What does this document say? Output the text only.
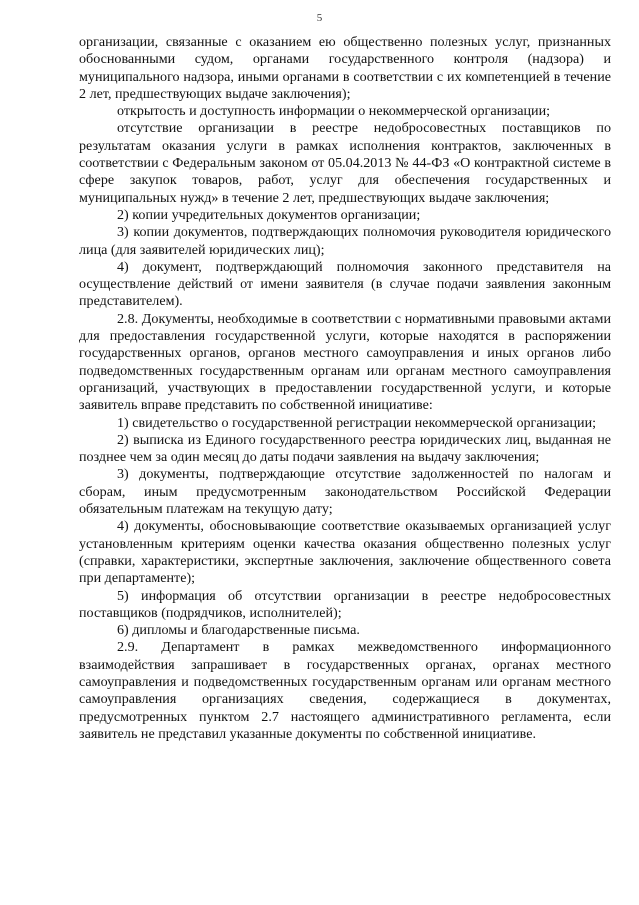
5

организации, связанные с оказанием ею общественно полезных услуг, признанных обоснованными судом, органами государственного контроля (надзора) и муниципального надзора, иными органами в соответствии с их компетенцией в течение 2 лет, предшествующих выдаче заключения);

открытость и доступность информации о некоммерческой организации;

отсутствие организации в реестре недобросовестных поставщиков по результатам оказания услуги в рамках исполнения контрактов, заключенных в соответствии с Федеральным законом от 05.04.2013 № 44-ФЗ «О контрактной системе в сфере закупок товаров, работ, услуг для обеспечения государственных и муниципальных нужд» в течение 2 лет, предшествующих выдаче заключения;

2) копии учредительных документов организации;

3) копии документов, подтверждающих полномочия руководителя юридического лица (для заявителей юридических лиц);

4) документ, подтверждающий полномочия законного представителя на осуществление действий от имени заявителя (в случае подачи заявления законным представителем).

2.8. Документы, необходимые в соответствии с нормативными правовыми актами для предоставления государственной услуги, которые находятся в распоряжении государственных органов, органов местного самоуправления и иных органов либо подведомственных государственным органам или органам местного самоуправления организаций, участвующих в предоставлении государственной услуги, и которые заявитель вправе представить по собственной инициативе:

1) свидетельство о государственной регистрации некоммерческой организации;

2) выписка из Единого государственного реестра юридических лиц, выданная не позднее чем за один месяц до даты подачи заявления на выдачу заключения;

3) документы, подтверждающие отсутствие задолженностей по налогам и сборам, иным предусмотренным законодательством Российской Федерации обязательным платежам на текущую дату;

4) документы, обосновывающие соответствие оказываемых организацией услуг установленным критериям оценки качества оказания общественно полезных услуг (справки, характеристики, экспертные заключения, заключение общественного совета при департаменте);

5) информация об отсутствии организации в реестре недобросовестных поставщиков (подрядчиков, исполнителей);

6) дипломы и благодарственные письма.

2.9. Департамент в рамках межведомственного информационного взаимодействия запрашивает в государственных органах, органах местного самоуправления и подведомственных государственным органам или органам местного самоуправления организациях сведения, содержащиеся в документах, предусмотренных пунктом 2.7 настоящего административного регламента, если заявитель не представил указанные документы по собственной инициативе.
